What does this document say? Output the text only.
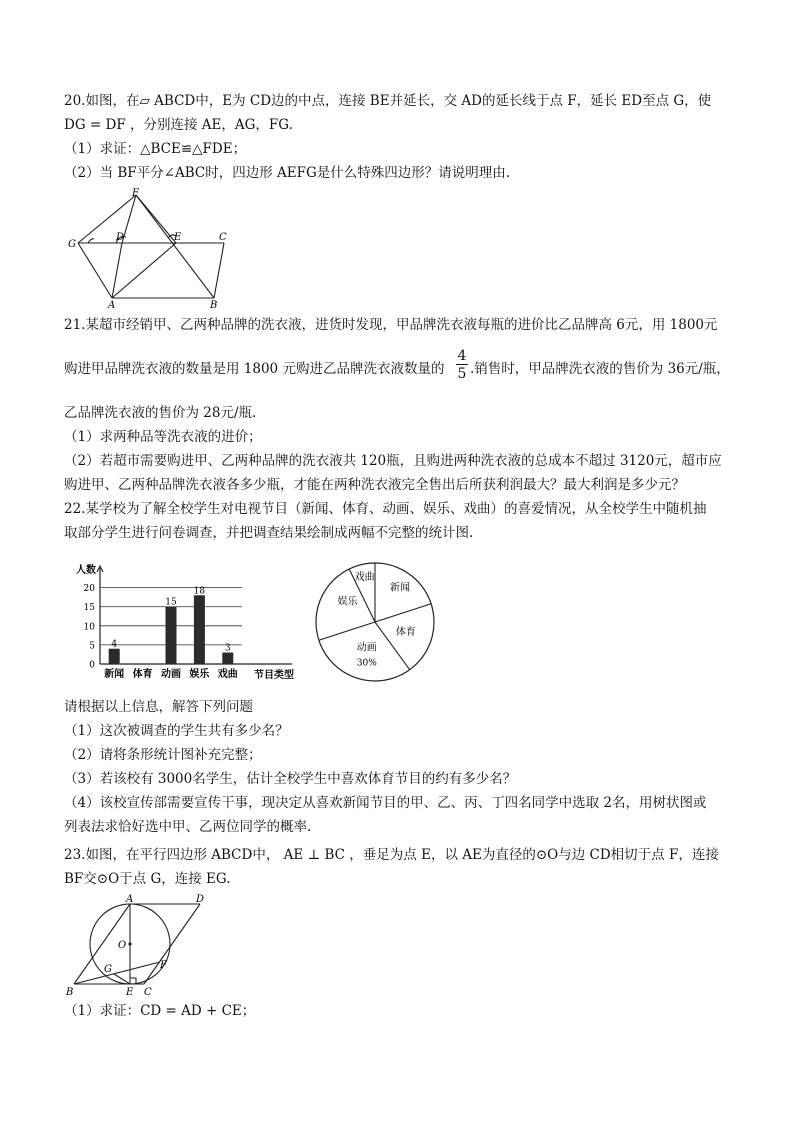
20.如图，在▱ ABCD中，E为 CD边的中点，连接 BE并延长，交 AD的延长线于点 F，延长 ED至点 G，使
DG = DF ，分别连接 AE，AG，FG.
（1）求证：△BCE≌△FDE；
（2）当 BF平分∠ABC时，四边形 AEFG是什么特殊四边形？请说明理由.
F
G
D	E	C
A	B
21.某超市经销甲、乙两种品牌的洗衣液，进货时发现，甲品牌洗衣液每瓶的进价比乙品牌高 6元，用 1800元
购进甲品牌洗衣液的数量是用 1800 元购进乙品牌洗衣液数量的
4
5 .销售时，甲品牌洗衣液的售价为 36元/瓶，
乙品牌洗衣液的售价为 28元/瓶.
（1）求两种品等洗衣液的进价；
（2）若超市需要购进甲、乙两种品牌的洗衣液共 120瓶，且购进两种洗衣液的总成本不超过 3120元，超市应
购进甲、乙两种品牌洗衣液各多少瓶，才能在两种洗衣液完全售出后所获利润最大？最大利润是多少元？
22.某学校为了解全校学生对电视节目（新闻、体育、动画、娱乐、戏曲）的喜爱情况，从全校学生中随机抽
取部分学生进行问卷调查，并把调查结果绘制成两幅不完整的统计图.
人数
节目类型
0
5
10
15
20
4
新闻 体育
15
动画
18
娱乐
3
戏曲
戏曲
新闻
体育
动画
30%
娱乐
请根据以上信息，解答下列问题
（1）这次被调查的学生共有多少名？
（2）请将条形统计图补充完整；
（3）若该校有 3000名学生，估计全校学生中喜欢体育节目的约有多少名？
（4）该校宣传部需要宣传干事，现决定从喜欢新闻节目的甲、乙、丙、丁四名同学中选取 2名，用树状图或
列表法求恰好选中甲、乙两位同学的概率.
23.如图，在平行四边形 ABCD中， AE ⊥ BC ，垂足为点 E，以 AE为直径的⊙O与边 CD相切于点 F，连接
BF交⊙O于点 G，连接 EG.
A	D
O
G	F
B	E C
（1）求证：CD = AD + CE；
